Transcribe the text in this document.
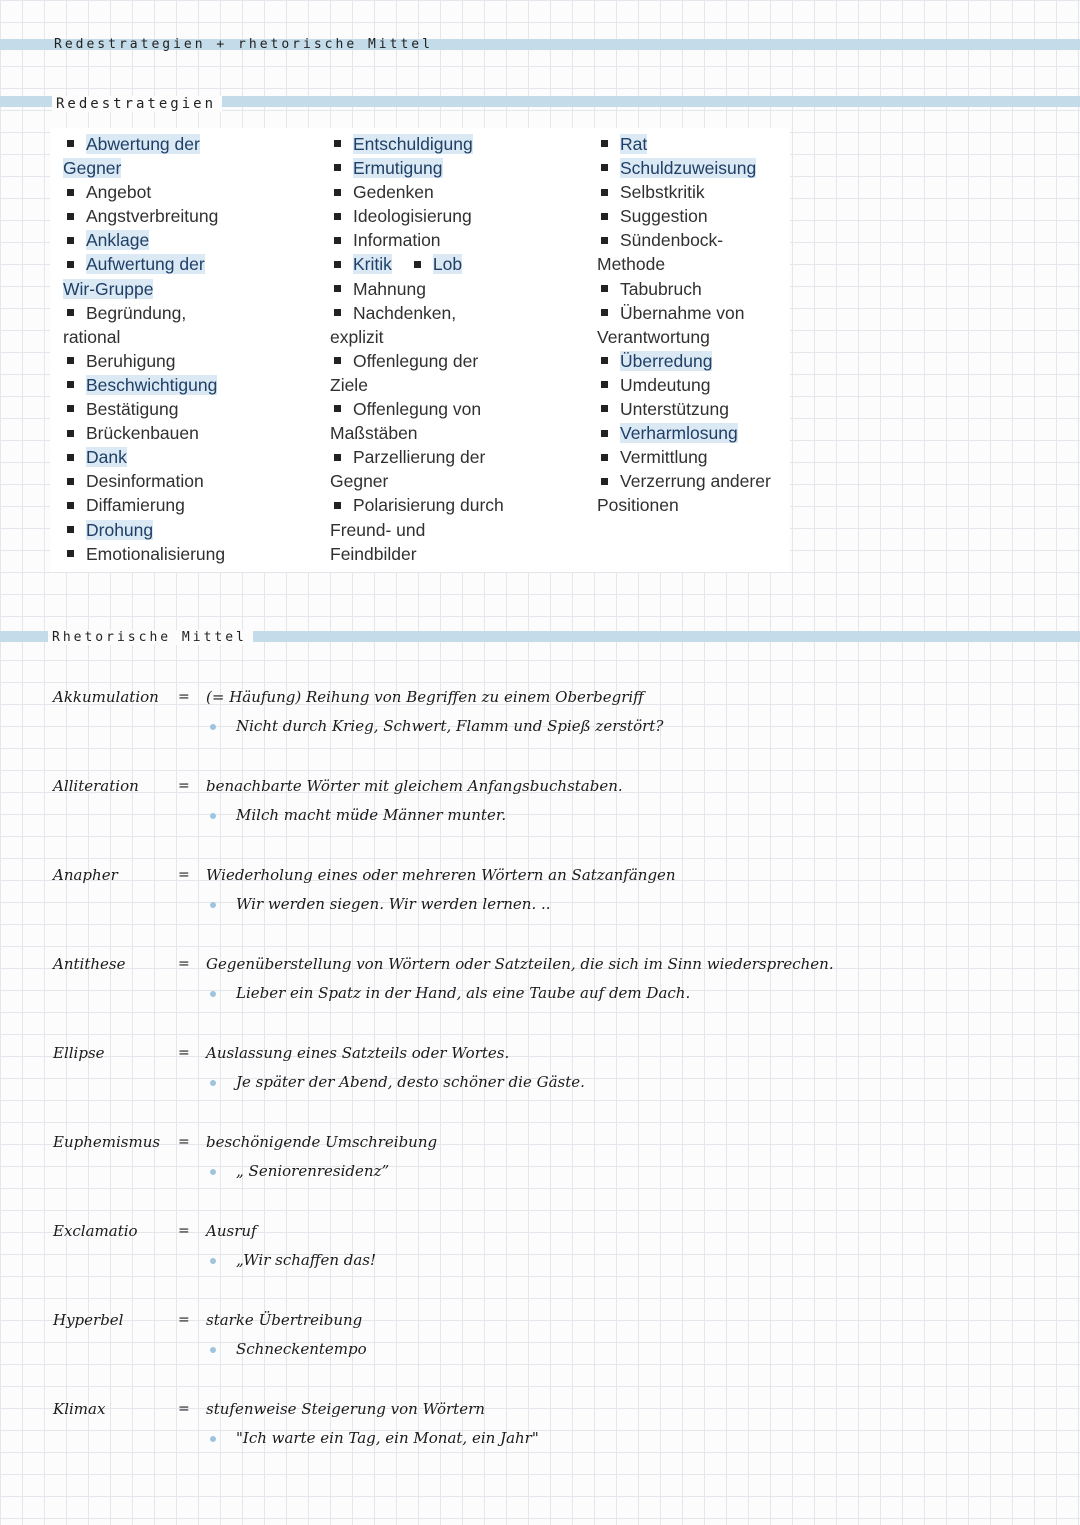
Redestrategien + rhetorische Mittel
Redestrategien
Abwertung der
Gegner
Angebot
Angstverbreitung
Anklage
Aufwertung der
Wir-Gruppe
Begründung,
rational
Beruhigung
Beschwichtigung
Bestätigung
Brückenbauen
Dank
Desinformation
Diffamierung
Drohung
Emotionalisierung
Entschuldigung
Ermutigung
Gedenken
Ideologisierung
Information
Kritik Lob
Mahnung
Nachdenken,
explizit
Offenlegung der
Ziele
Offenlegung von
Maßstäben
Parzellierung der
Gegner
Polarisierung durch
Freund- und
Feindbilder
Rat
Schuldzuweisung
Selbstkritik
Suggestion
Sündenbock-
Methode
Tabubruch
Übernahme von
Verantwortung
Überredung
Umdeutung
Unterstützung
Verharmlosung
Vermittlung
Verzerrung anderer
Positionen
Rhetorische Mittel
Akkumulation = (= Häufung) Reihung von Begriffen zu einem Oberbegriff
Nicht durch Krieg, Schwert, Flamm und Spieß zerstört?
Alliteration	= benachbarte Wörter mit gleichem Anfangsbuchstaben.
Milch macht müde Männer munter.
Anapher	= Wiederholung eines oder mehreren Wörtern an Satzanfängen
Wir werden siegen. Wir werden lernen. ..
Antithese	= Gegenüberstellung von Wörtern oder Satzteilen, die sich im Sinn wiedersprechen.
Lieber ein Spatz in der Hand, als eine Taube auf dem Dach.
Ellipse	= Auslassung eines Satzteils oder Wortes.
Je später der Abend, desto schöner die Gäste.
Euphemismus = beschönigende Umschreibung
„ Seniorenresidenz”
Exclamatio	= Ausruf
„Wir schaffen das!
Hyperbel	= starke Übertreibung
Schneckentempo
Klimax	= stufenweise Steigerung von Wörtern
"Ich warte ein Tag, ein Monat, ein Jahr"
